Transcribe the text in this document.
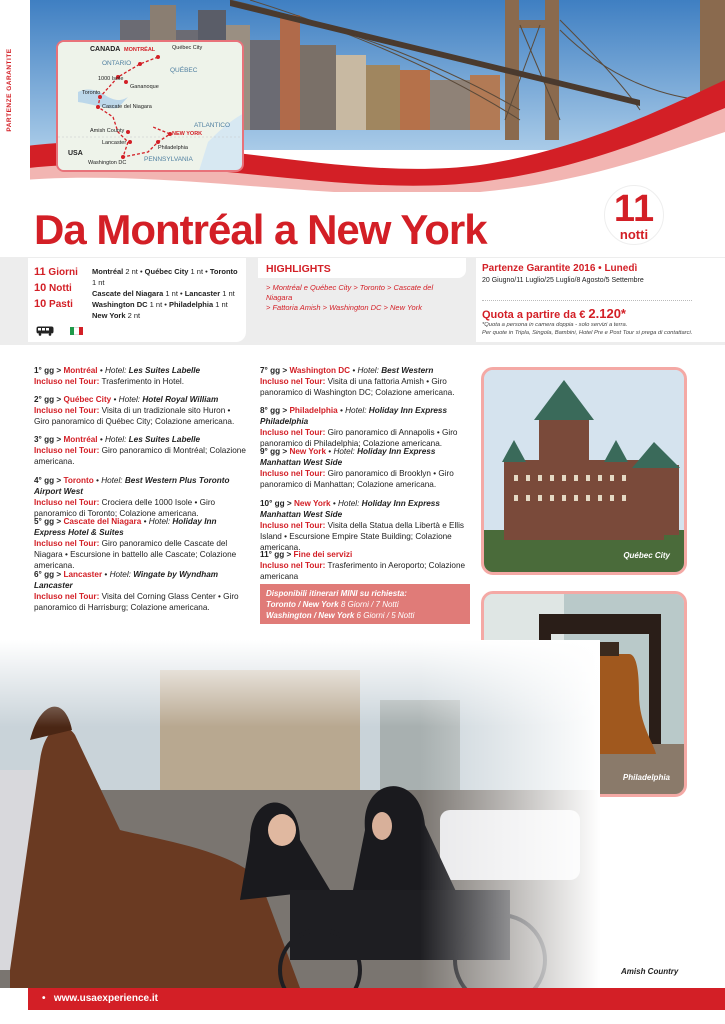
PARTENZE GARANTITE	CANADA
USA
ONTARIO
QUÉBEC
ATLANTICO
PENNSYLVANIA
Québec City
MONTRÉAL
1000 Isole
Gananoque
Toronto
Cascate del Niagara
Amish County
Lancaster
Philadelphia
NEW YORK
Washington DC
Da Montréal a New York	11
notti
11 Giorni
10 Notti
10 Pasti
Montréal 2 nt • Québec City 1 nt • Toronto 1 nt
Cascate del Niagara 1 nt • Lancaster 1 nt
Washington DC 1 nt • Philadelphia 1 nt
New York 2 nt
HIGHLIGHTS
> Montréal e Québec City > Toronto > Cascate del Niagara
> Fattoria Amish > Washington DC > New York
Partenze Garantite 2016 • Lunedì
20 Giugno/11 Luglio/25 Luglio/8 Agosto/5 Settembre
Quota a partire da € 2.120*
*Quota a persona in camera doppia - solo servizi a terra.
Per quote in Tripla, Singola, Bambini, Hotel Pre e Post Tour si prega di contattarci.
1° gg > Montréal • Hotel: Les Suites Labelle
Incluso nel Tour: Trasferimento in Hotel.
2° gg > Québec City • Hotel: Hotel Royal William
Incluso nel Tour: Visita di un tradizionale sito Huron • Giro panoramico di Québec City; Colazione americana.
3° gg > Montréal • Hotel: Les Suites Labelle
Incluso nel Tour: Giro panoramico di Montréal; Colazione americana.
4° gg > Toronto • Hotel: Best Western Plus Toronto Airport West
Incluso nel Tour: Crociera delle 1000 Isole • Giro panoramico di Toronto; Colazione americana.
5° gg > Cascate del Niagara • Hotel: Holiday Inn Express Hotel & Suites
Incluso nel Tour: Giro panoramico delle Cascate del Niagara • Escursione in battello alle Cascate; Colazione americana.
6° gg > Lancaster • Hotel: Wingate by Wyndham Lancaster
Incluso nel Tour: Visita del Corning Glass Center • Giro panoramico di Harrisburg; Colazione americana.
7° gg > Washington DC • Hotel: Best Western
Incluso nel Tour: Visita di una fattoria Amish • Giro panoramico di Washington DC; Colazione americana.
8° gg > Philadelphia • Hotel: Holiday Inn Express Philadelphia
Incluso nel Tour: Giro panoramico di Annapolis • Giro panoramico di Philadelphia; Colazione americana.
9° gg > New York • Hotel: Holiday Inn Express Manhattan West Side
Incluso nel Tour: Giro panoramico di Brooklyn • Giro panoramico di Manhattan; Colazione americana.
10° gg > New York • Hotel: Holiday Inn Express Manhattan West Side
Incluso nel Tour: Visita della Statua della Libertà e Ellis Island • Escursione Empire State Building; Colazione americana.
11° gg > Fine dei servizi
Incluso nel Tour: Trasferimento in Aeroporto; Colazione americana
Disponibili itinerari MINI su richiesta:
Toronto / New York 8 Giorni / 7 Notti
Washington / New York 6 Giorni / 5 Notti
Québec City
Philadelphia
Amish Country
• www.usaexperience.it
